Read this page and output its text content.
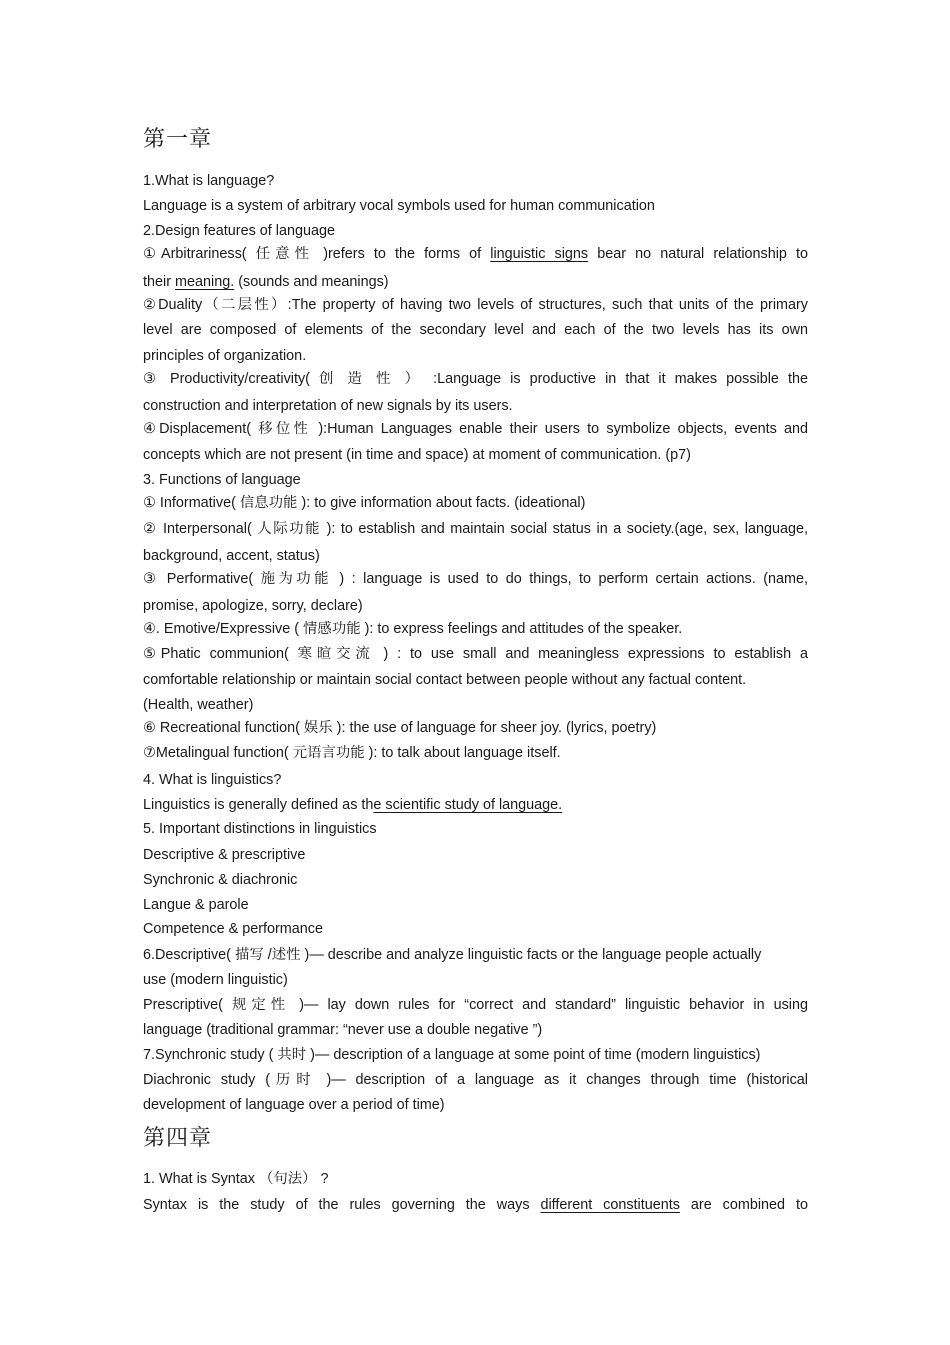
第一章
1.What is language?
Language is a system of arbitrary vocal symbols used for human communication
2.Design features of language
①Arbitrariness( 任意性 )refers to the forms of linguistic signs bear no natural relationship to
their meaning. (sounds and meanings)
②Duality（二层性）:The property of having two levels of structures, such that units of the primary
level are composed of elements of the secondary level and each of the two levels has its own
principles of organization.
③ Productivity/creativity( 创 造 性 ） :Language is productive in that it makes possible the
construction and interpretation of new signals by its users.
④Displacement( 移位性 ):Human Languages enable their users to symbolize objects, events and
concepts which are not present (in time and space) at moment of communication. (p7)
3. Functions of language
① Informative( 信息功能 ): to give information about facts. (ideational)
② Interpersonal( 人际功能 ): to establish and maintain social status in a society.(age, sex, language,
background, accent, status)
③ Performative( 施为功能 ) : language is used to do things, to perform certain actions. (name,
promise, apologize, sorry, declare)
④. Emotive/Expressive ( 情感功能 ): to express feelings and attitudes of the speaker.
⑤Phatic communion( 寒暄交流 ) : to use small and meaningless expressions to establish a
comfortable relationship or maintain social contact between people without any factual content.
(Health, weather)
⑥ Recreational function( 娱乐 ): the use of language for sheer joy. (lyrics, poetry)
⑦Metalingual function( 元语言功能 ): to talk about language itself.
4. What is linguistics?
Linguistics is generally defined as the scientific study of language.
5. Important distinctions in linguistics
Descriptive & prescriptive
Synchronic & diachronic
Langue & parole
Competence & performance
6.Descriptive( 描写 /述性 )— describe and analyze linguistic facts or the language people actually
use (modern linguistic)
Prescriptive( 规定性 )— lay down rules for “correct and standard” linguistic behavior in using
language (traditional grammar: “never use a double negative ”)
7.Synchronic study ( 共时 )— description of a language at some point of time (modern linguistics)
Diachronic study (历时 )— description of a language as it changes through time (historical
development of language over a period of time)
第四章
1. What is Syntax （句法） ?
Syntax is the study of the rules governing the ways different constituents are combined to
